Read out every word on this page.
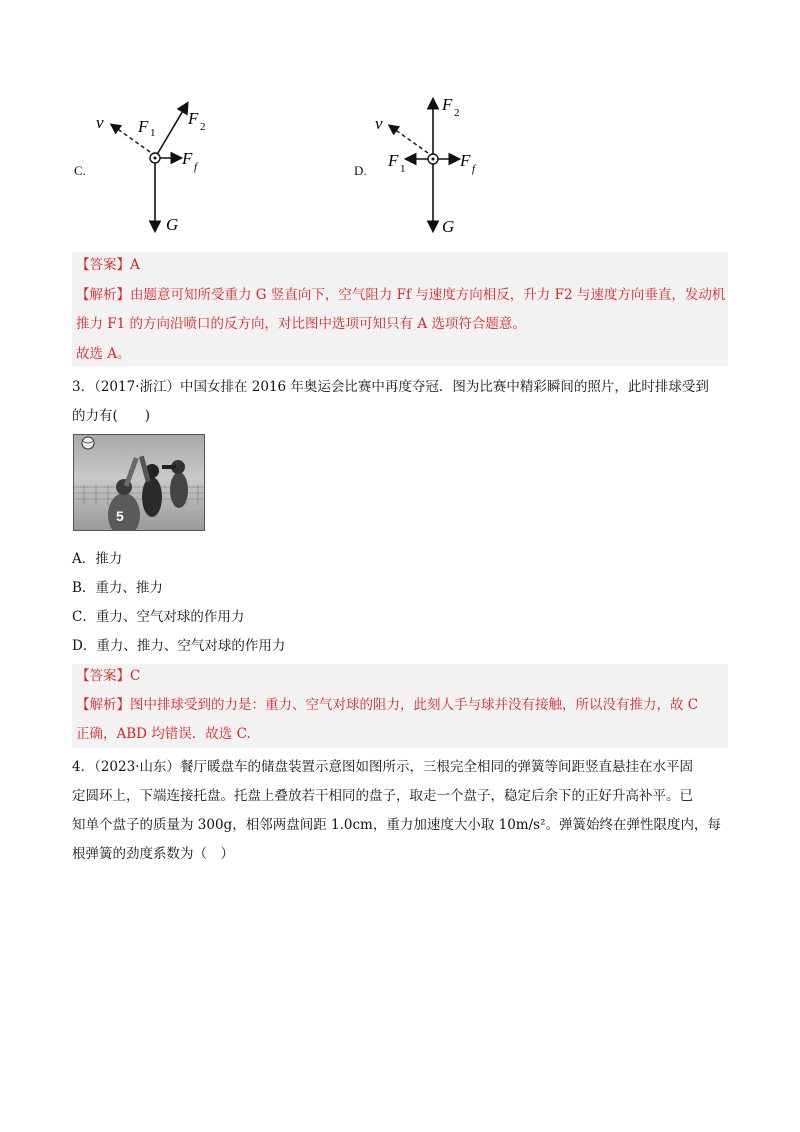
C.
v F 1
F 2
F f
G
D.
v
F 2
F 1	F f
G
【答案】A
【解析】由题意可知所受重力 G 竖直向下，空气阻力 Ff 与速度方向相反，升力 F2 与速度方向垂直，发动机
推力 F1 的方向沿喷口的反方向，对比图中选项可知只有 A 选项符合题意。
故选 A。
3．（2017·浙江）中国女排在 2016 年奥运会比赛中再度夺冠．图为比赛中精彩瞬间的照片，此时排球受到
的力有(　　)
5
A．推力
B．重力、推力
C．重力、空气对球的作用力
D．重力、推力、空气对球的作用力
【答案】C
【解析】图中排球受到的力是：重力、空气对球的阻力，此刻人手与球并没有接触，所以没有推力，故 C
正确，ABD 均错误．故选 C.
4．（2023·山东）餐厅暖盘车的储盘装置示意图如图所示，三根完全相同的弹簧等间距竖直悬挂在水平固
定圆环上，下端连接托盘。托盘上叠放若干相同的盘子，取走一个盘子，稳定后余下的正好升高补平。已
知单个盘子的质量为 300g，相邻两盘间距 1.0cm，重力加速度大小取 10m/s²。弹簧始终在弹性限度内，每
根弹簧的劲度系数为（　）
